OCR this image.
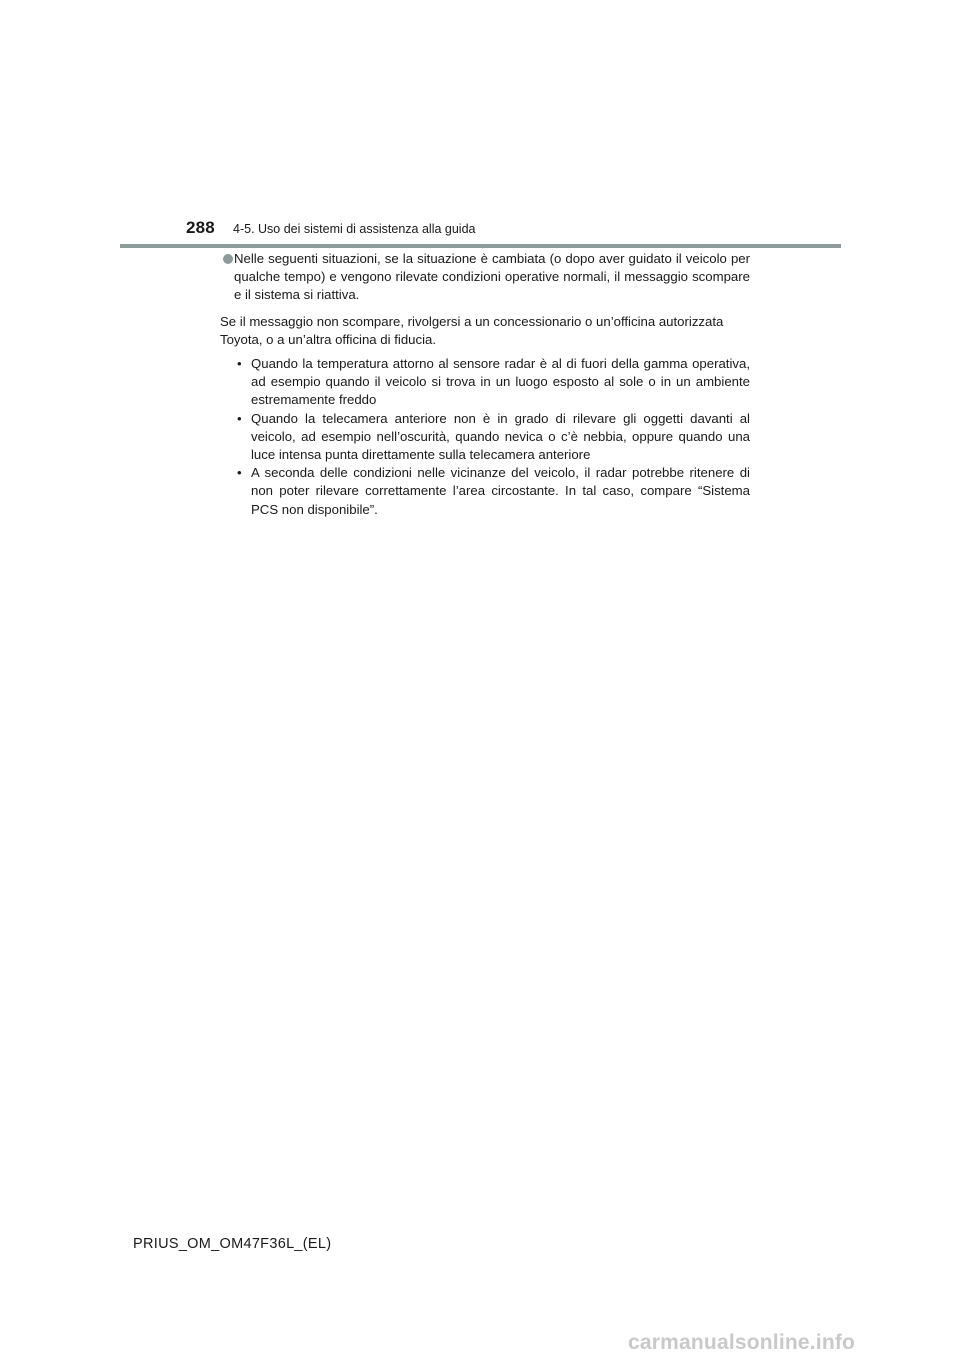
288 4-5. Uso dei sistemi di assistenza alla guida

Nelle seguenti situazioni, se la situazione è cambiata (o dopo aver guidato il veicolo per qualche tempo) e vengono rilevate condizioni operative normali, il messaggio scompare e il sistema si riattiva.

Se il messaggio non scompare, rivolgersi a un concessionario o un’officina autorizzata Toyota, o a un’altra officina di fiducia.

• Quando la temperatura attorno al sensore radar è al di fuori della gamma operativa, ad esempio quando il veicolo si trova in un luogo esposto al sole o in un ambiente estremamente freddo
• Quando la telecamera anteriore non è in grado di rilevare gli oggetti davanti al veicolo, ad esempio nell’oscurità, quando nevica o c’è nebbia, oppure quando una luce intensa punta direttamente sulla telecamera anteriore
• A seconda delle condizioni nelle vicinanze del veicolo, il radar potrebbe ritenere di non poter rilevare correttamente l’area circostante. In tal caso, compare “Sistema PCS non disponibile”.
PRIUS_OM_OM47F36L_(EL)
carmanualsonline.info
